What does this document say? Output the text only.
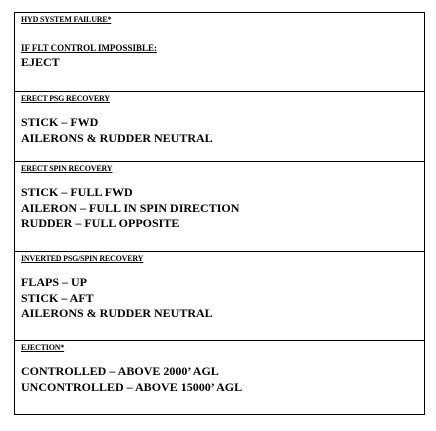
HYD SYSTEM FAILURE*
IF FLT CONTROL IMPOSSIBLE:
EJECT
ERECT PSG RECOVERY
STICK – FWD
AILERONS & RUDDER NEUTRAL
ERECT SPIN RECOVERY
STICK – FULL FWD
AILERON – FULL IN SPIN DIRECTION
RUDDER – FULL OPPOSITE
INVERTED PSG/SPIN RECOVERY
FLAPS – UP
STICK – AFT
AILERONS & RUDDER NEUTRAL
EJECTION*
CONTROLLED – ABOVE 2000’ AGL
UNCONTROLLED – ABOVE 15000’ AGL
